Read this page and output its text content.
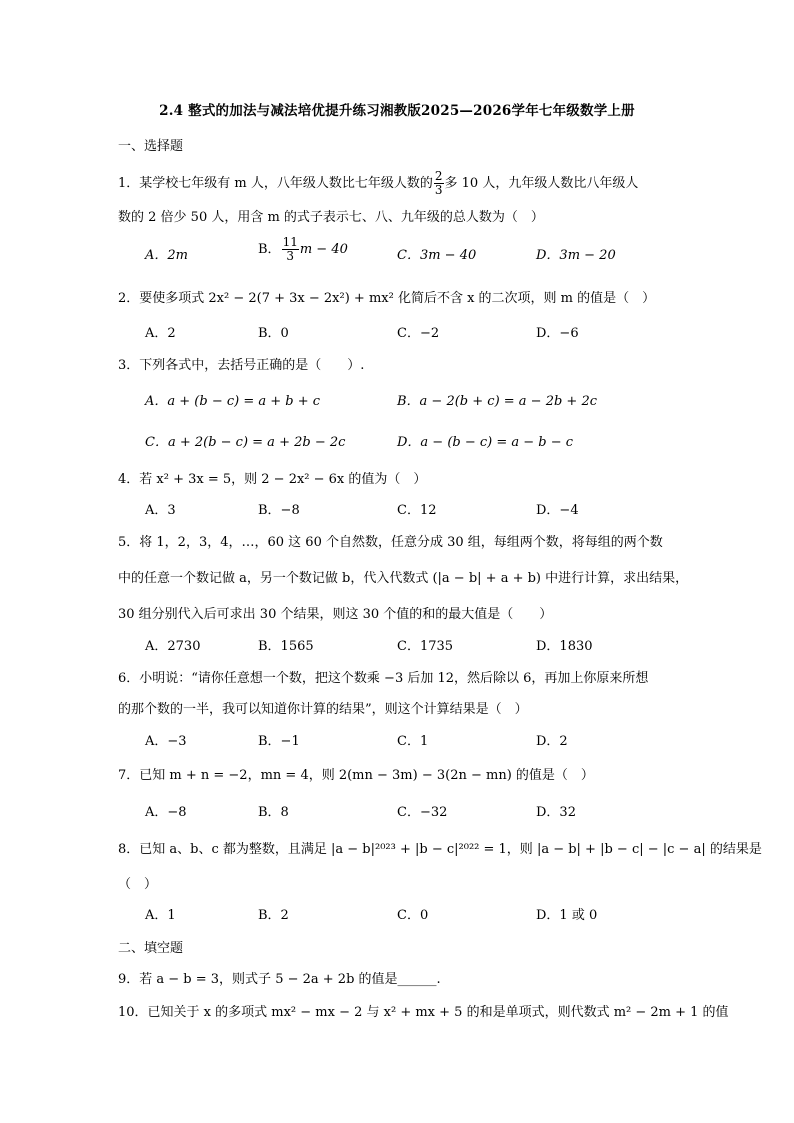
2.4 整式的加法与减法培优提升练习湘教版2025—2026学年七年级数学上册
一、选择题
1．某学校七年级有 m 人，八年级人数比七年级人数的 $\frac{2}{3}$ 多 10 人，九年级人数比八年级人
数的 2 倍少 50 人，用含 m 的式子表示七、八、九年级的总人数为（　）
A．2m	B． $\frac{11}{3}$ m − 40	C．3m − 40	D．3m − 20
2．要使多项式 2x² − 2(7 + 3x − 2x²) + mx² 化简后不含 x 的二次项，则 m 的值是（　）
A．2	B．0	C．−2	D．−6
3．下列各式中，去括号正确的是（　　）.
A．a + (b − c) = a + b + c	B．a − 2(b + c) = a − 2b + 2c
C．a + 2(b − c) = a + 2b − 2c	D．a − (b − c) = a − b − c
4．若 x² + 3x = 5，则 2 − 2x² − 6x 的值为（　）
A．3	B．−8	C．12	D．−4
5．将 1，2，3，4，…，60 这 60 个自然数，任意分成 30 组，每组两个数，将每组的两个数
中的任意一个数记做 a，另一个数记做 b，代入代数式 (|a − b| + a + b) 中进行计算，求出结果，
30 组分别代入后可求出 30 个结果，则这 30 个值的和的最大值是（　　）
A．2730	B．1565	C．1735	D．1830
6．小明说：“请你任意想一个数，把这个数乘 −3 后加 12，然后除以 6，再加上你原来所想
的那个数的一半，我可以知道你计算的结果”，则这个计算结果是（　）
A．−3	B．−1	C．1	D．2
7．已知 m + n = −2，mn = 4，则 2(mn − 3m) − 3(2n − mn) 的值是（　）
A．−8	B．8	C．−32	D．32
8．已知 a、b、c 都为整数，且满足 |a − b|²⁰²³ + |b − c|²⁰²² = 1，则 |a − b| + |b − c| − |c − a| 的结果是
（　）
A．1	B．2	C．0	D．1 或 0
二、填空题
9．若 a − b = 3，则式子 5 − 2a + 2b 的值是______.
10．已知关于 x 的多项式 mx² − mx − 2 与 x² + mx + 5 的和是单项式，则代数式 m² − 2m + 1 的值
